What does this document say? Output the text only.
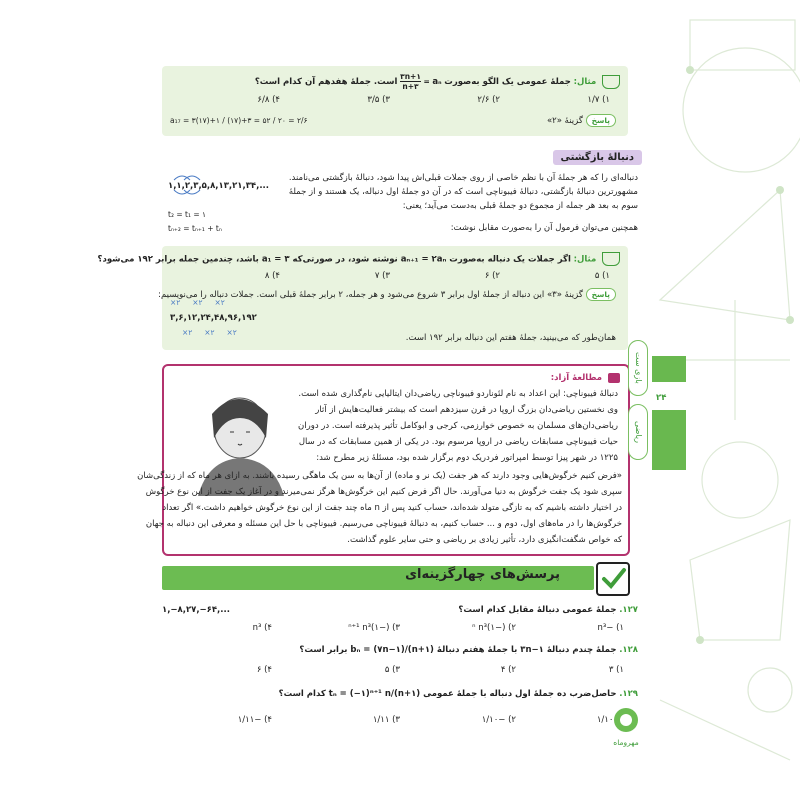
مثال: جملهٔ عمومی یک الگو به‌صورت aₙ =
$\frac{۳n+۱}{n+۳}$
است. جملهٔ هفدهم آن کدام است؟
۱) ۱/۷
۲) ۲/۶
۳) ۳/۵
۴) ۶/۸
پاسخ گزینهٔ «۲»
a₁₇ = ۳(۱۷)+۱ / (۱۷)+۳ = ۵۲ / ۲۰ = ۲/۶
دنبالهٔ بازگشتی
دنباله‌ای را که هر جملهٔ آن با نظم خاصی از روی جملات قبلی‌اش پیدا شود، دنبالهٔ بازگشتی می‌نامند.
مشهورترین دنبالهٔ بازگشتی، دنبالهٔ فیبوناچی است که در آن دو جملهٔ اول دنباله، یک هستند و از جملهٔ
سوم به بعد هر جمله از مجموع دو جملهٔ قبلی به‌دست می‌آید؛ یعنی:
همچنین می‌توان فرمول آن را به‌صورت مقابل نوشت:
۱,۱,۲,۳,۵,۸,۱۳,۲۱,۳۴,...
t₂ = t₁ = ۱
tₙ₊₂ = tₙ₊₁ + tₙ
مثال: اگر جملات یک دنباله به‌صورت aₙ₊₁ = ۲aₙ نوشته شود، در صورتی‌که a₁ = ۳ باشد، چندمین جمله برابر ۱۹۲ می‌شود؟
۱) ۵
۲) ۶
۳) ۷
۴) ۸
پاسخ گزینهٔ «۳» این دنباله از جملهٔ اول برابر ۳ شروع می‌شود و هر جمله، ۲ برابر جملهٔ قبلی است. جملات دنباله را می‌نویسیم:
×۲ ×۲ ×۲
۳,۶,۱۲,۲۴,۴۸,۹۶,۱۹۲
×۲ ×۲ ×۲
همان‌طور که می‌بینید، جملهٔ هفتم این دنباله برابر ۱۹۲ است.
مطالعهٔ آزاد:
دنبالهٔ فیبوناچی: این اعداد به نام لئوناردو فیبوناچی ریاضی‌دان ایتالیایی نام‌گذاری شده است.
وی نخستین ریاضی‌دان بزرگ اروپا در قرن سیزدهم است که بیشتر فعالیت‌هایش از آثار
ریاضی‌دان‌های مسلمان به خصوص خوارزمی، کرجی و ابوکامل تأثیر پذیرفته است. در دوران
حیات فیبوناچی مسابقات ریاضی در اروپا مرسوم بود. در یکی از همین مسابقات که در سال
۱۲۲۵ در شهر پیزا توسط امپراتور فردریک دوم برگزار شده بود، مسئلهٔ زیر مطرح شد:
«فرض کنیم خرگوش‌هایی وجود دارند که هر جفت (یک نر و ماده) از آن‌ها به سن یک ماهگی رسیده باشند. به ازای هر ماه که از زندگی‌شان
سپری شود یک جفت خرگوش به دنیا می‌آورند. حال اگر فرض کنیم این خرگوش‌ها هرگز نمی‌میرند و در آغاز یک جفت از این نوع خرگوش
در اختیار داشته باشیم که به تازگی متولد شده‌اند، حساب کنید پس از n ماه چند جفت از این نوع خرگوش خواهیم داشت.» اگر تعداد
خرگوش‌ها را در ماه‌های اول، دوم و ... حساب کنیم، به دنبالهٔ فیبوناچی می‌رسیم. فیبوناچی با حل این مسئله و معرفی این دنباله به جهان
که خواص شگفت‌انگیزی دارد، تأثیر زیادی بر ریاضی و حتی سایر علوم گذاشت.
پرسش‌های چهارگزینه‌ای
۱۲۷. جملهٔ عمومی دنبالهٔ مقابل کدام است؟
۱,−۸,۲۷,−۶۴,...
۱) −n³
۲) (−۱)ⁿ n³
۳) (−۱)ⁿ⁺¹ n³
۴) n³
۱۲۸. جملهٔ چندم دنبالهٔ ۳n−۱ با جملهٔ هفتم دنبالهٔ bₙ = (۷n−۱)/(n+۱) برابر است؟
۱) ۳
۲) ۴
۳) ۵
۴) ۶
۱۲۹. حاصل‌ضرب ده جملهٔ اول دنباله با جملهٔ عمومی tₙ = (−۱)ⁿ⁺¹ n/(n+۱) کدام است؟
۱/۱۰
۲) −۱/۱۰
۳) ۱/۱۱
۴) −۱/۱۱
۲۴
بازی‌ ست
ریاضی
مهروماه
